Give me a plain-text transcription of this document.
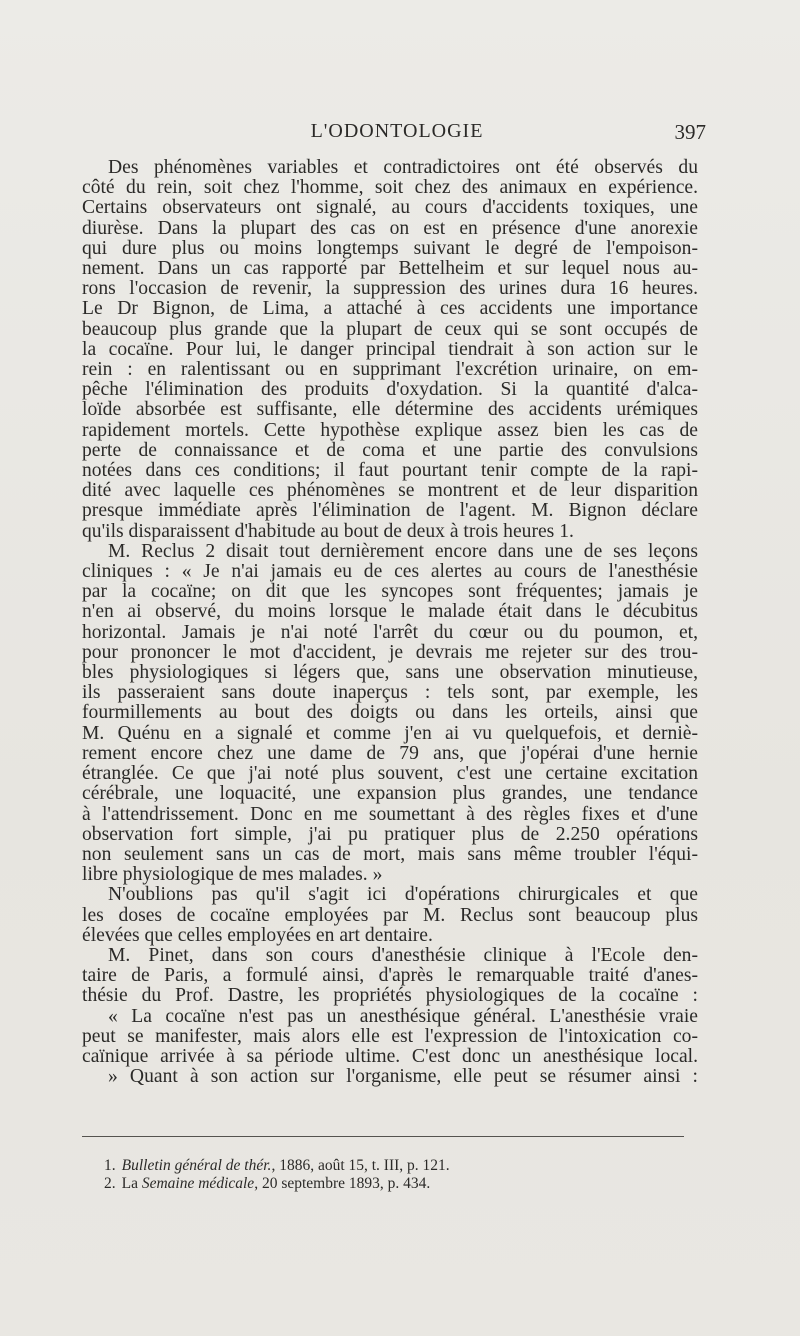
L'ODONTOLOGIE	397
Des phénomènes variables et contradictoires ont été observés du
côté du rein, soit chez l'homme, soit chez des animaux en expérience.
Certains observateurs ont signalé, au cours d'accidents toxiques, une
diurèse. Dans la plupart des cas on est en présence d'une anorexie
qui dure plus ou moins longtemps suivant le degré de l'empoison-
nement. Dans un cas rapporté par Bettelheim et sur lequel nous au-
rons l'occasion de revenir, la suppression des urines dura 16 heures.
Le Dr Bignon, de Lima, a attaché à ces accidents une importance
beaucoup plus grande que la plupart de ceux qui se sont occupés de
la cocaïne. Pour lui, le danger principal tiendrait à son action sur le
rein : en ralentissant ou en supprimant l'excrétion urinaire, on em-
pêche l'élimination des produits d'oxydation. Si la quantité d'alca-
loïde absorbée est suffisante, elle détermine des accidents urémiques
rapidement mortels. Cette hypothèse explique assez bien les cas de
perte de connaissance et de coma et une partie des convulsions
notées dans ces conditions; il faut pourtant tenir compte de la rapi-
dité avec laquelle ces phénomènes se montrent et de leur disparition
presque immédiate après l'élimination de l'agent. M. Bignon déclare
qu'ils disparaissent d'habitude au bout de deux à trois heures 1.
M. Reclus 2 disait tout dernièrement encore dans une de ses leçons
cliniques : « Je n'ai jamais eu de ces alertes au cours de l'anesthésie
par la cocaïne; on dit que les syncopes sont fréquentes; jamais je
n'en ai observé, du moins lorsque le malade était dans le décubitus
horizontal. Jamais je n'ai noté l'arrêt du cœur ou du poumon, et,
pour prononcer le mot d'accident, je devrais me rejeter sur des trou-
bles physiologiques si légers que, sans une observation minutieuse,
ils passeraient sans doute inaperçus : tels sont, par exemple, les
fourmillements au bout des doigts ou dans les orteils, ainsi que
M. Quénu en a signalé et comme j'en ai vu quelquefois, et derniè-
rement encore chez une dame de 79 ans, que j'opérai d'une hernie
étranglée. Ce que j'ai noté plus souvent, c'est une certaine excitation
cérébrale, une loquacité, une expansion plus grandes, une tendance
à l'attendrissement. Donc en me soumettant à des règles fixes et d'une
observation fort simple, j'ai pu pratiquer plus de 2.250 opérations
non seulement sans un cas de mort, mais sans même troubler l'équi-
libre physiologique de mes malades. »
N'oublions pas qu'il s'agit ici d'opérations chirurgicales et que
les doses de cocaïne employées par M. Reclus sont beaucoup plus
élevées que celles employées en art dentaire.
M. Pinet, dans son cours d'anesthésie clinique à l'Ecole den-
taire de Paris, a formulé ainsi, d'après le remarquable traité d'anes-
thésie du Prof. Dastre, les propriétés physiologiques de la cocaïne :
« La cocaïne n'est pas un anesthésique général. L'anesthésie vraie
peut se manifester, mais alors elle est l'expression de l'intoxication co-
caïnique arrivée à sa période ultime. C'est donc un anesthésique local.
» Quant à son action sur l'organisme, elle peut se résumer ainsi :
1. Bulletin général de thér., 1886, août 15, t. III, p. 121.
2. La Semaine médicale, 20 septembre 1893, p. 434.
